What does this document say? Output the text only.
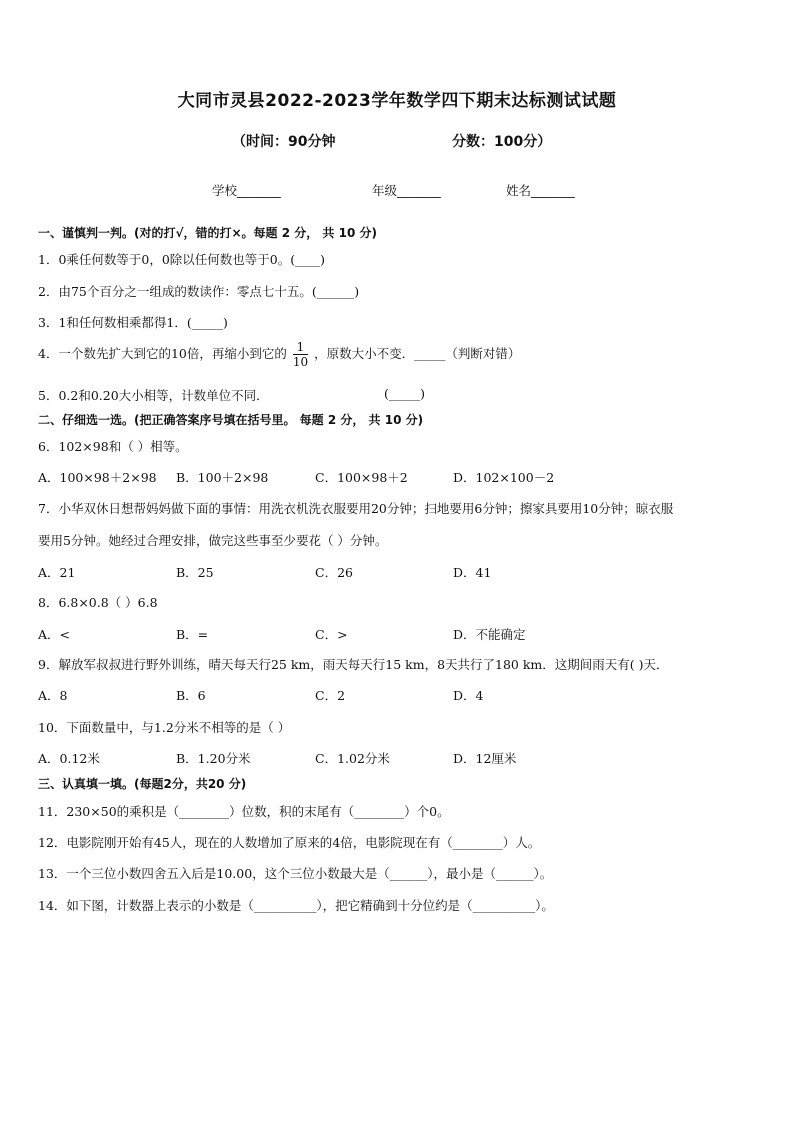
大同市灵县2022-2023学年数学四下期末达标测试试题
（时间：90分钟	分数：100分）
学校_______	年级_______	姓名_______
一、谨慎判一判。(对的打√，错的打×。每题 2 分， 共 10 分)
1．0乘任何数等于0，0除以任何数也等于0。(____)
2．由75个百分之一组成的数读作：零点七十五。(______)
3．1和任何数相乘都得1．(_____)
4．一个数先扩大到它的10倍，再缩小到它的 $\frac{1}{10}$ ，原数大小不变．_____（判断对错）
5．0.2和0.20大小相等，计数单位不同．	(_____)
二、仔细选一选。(把正确答案序号填在括号里。 每题 2 分， 共 10 分)
6．102×98和（ ）相等。
A．100×98＋2×98 B．100＋2×98	C．100×98＋2	D．102×100－2
7．小华双休日想帮妈妈做下面的事情：用洗衣机洗衣服要用20分钟；扫地要用6分钟；擦家具要用10分钟；晾衣服
要用5分钟。她经过合理安排，做完这些事至少要花（ ）分钟。
A．21	B．25	C．26	D．41
8．6.8×0.8（ ）6.8
A．<	B．=	C．>	D．不能确定
9．解放军叔叔进行野外训练，晴天每天行25 km，雨天每天行15 km，8天共行了180 km．这期间雨天有( )天．
A．8	B．6	C．2	D．4
10．下面数量中，与1.2分米不相等的是（ ）
A．0.12米	B．1.20分米	C．1.02分米	D．12厘米
三、认真填一填。(每题2分，共20 分)
11．230×50的乘积是（________）位数，积的末尾有（________）个0。
12．电影院刚开始有45人，现在的人数增加了原来的4倍，电影院现在有（________）人。
13．一个三位小数四舍五入后是10.00，这个三位小数最大是（______），最小是（______）。
14．如下图，计数器上表示的小数是（__________），把它精确到十分位约是（__________）。
